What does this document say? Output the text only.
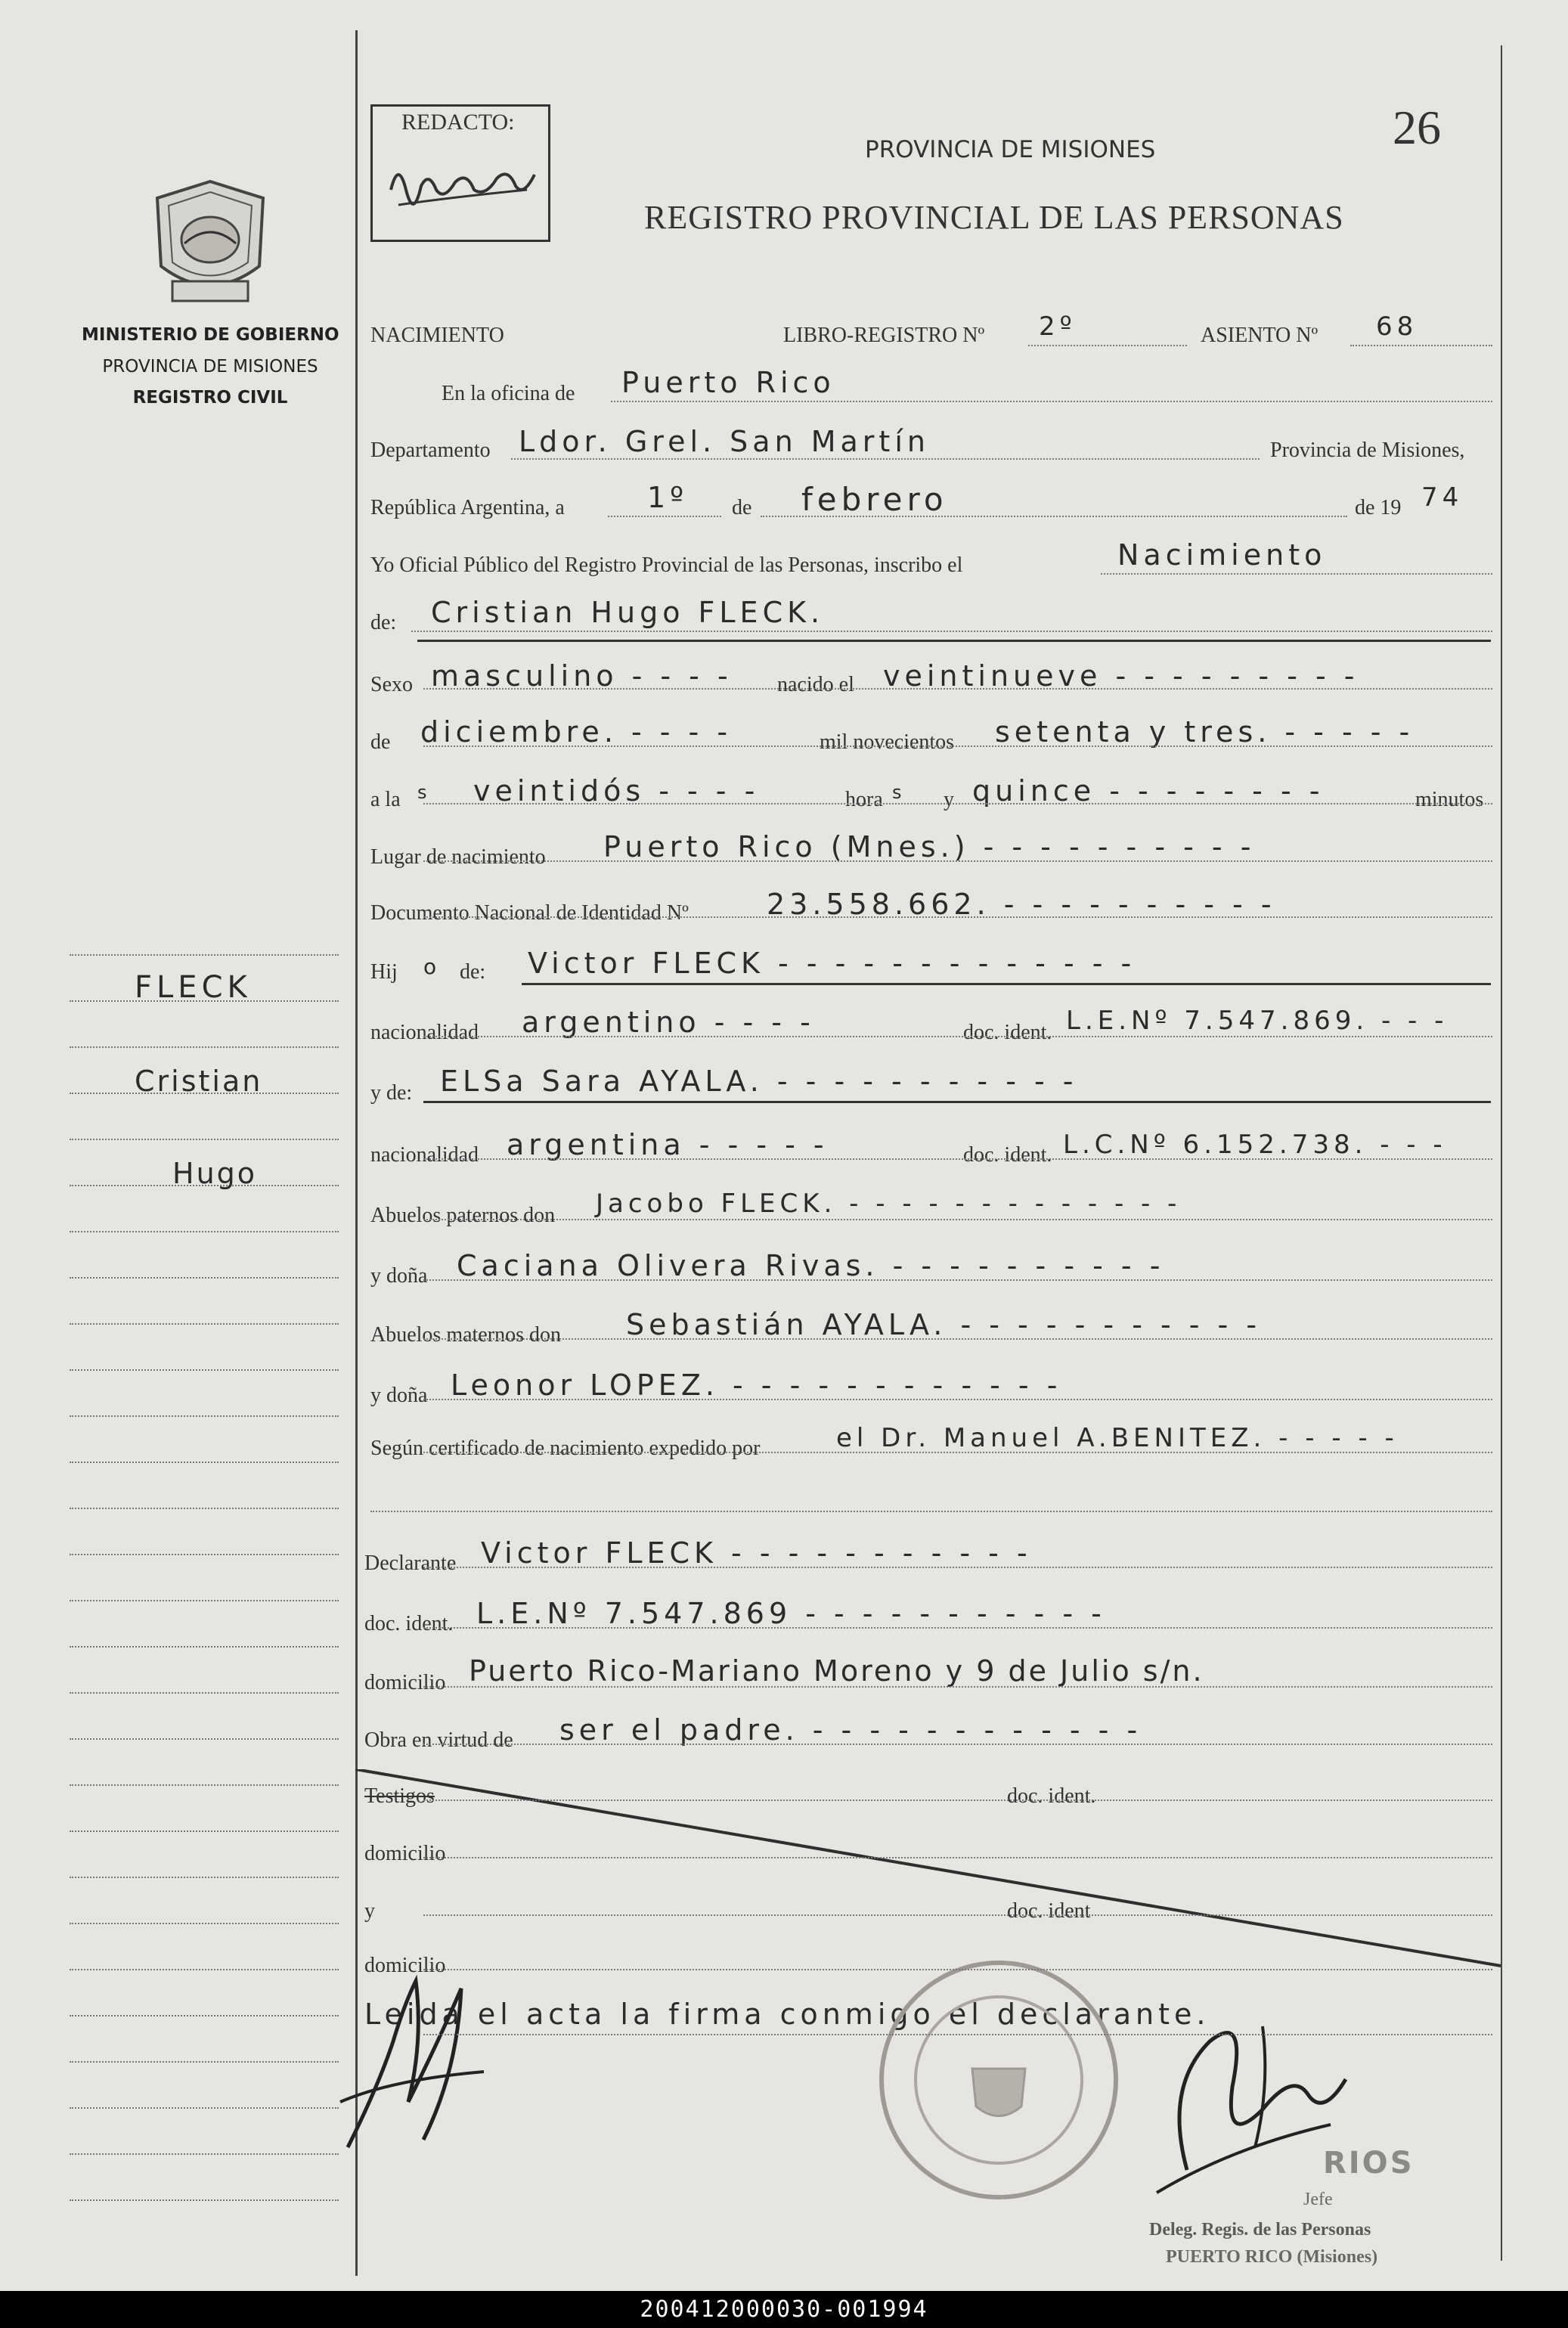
MINISTERIO DE GOBIERNO
PROVINCIA DE MISIONES
REGISTRO CIVIL
FLECK
Cristian
Hugo
REDACTO:	26
PROVINCIA DE MISIONES
REGISTRO PROVINCIAL DE LAS PERSONAS
NACIMIENTO	LIBRO-REGISTRO Nº 2º	ASIENTO Nº 68
En la oficina de Puerto Rico
Departamento Ldor. Grel. San Martín	Provincia de Misiones,
República Argentina, a	1º de febrero	de 19 74
Yo Oficial Público del Registro Provincial de las Personas, inscribo el	Nacimiento
de: Cristian Hugo FLECK.
Sexo masculino - - - - nacido el veintinueve - - - - - - - - -
de diciembre. - - - -	mil novecientos setenta y tres. - - - - -
a la s veintidós - - - -	hora s y quince - - - - - - - -	minutos
Lugar de nacimiento Puerto Rico (Mnes.) - - - - - - - - - -
Documento Nacional de Identidad Nº	23.558.662. - - - - - - - - - -
Hij o de: Victor FLECK - - - - - - - - - - - - -
nacionalidad argentino - - - -	doc. ident. L.E.Nº 7.547.869. - - -
y de: ELSa Sara AYALA. - - - - - - - - - - -
nacionalidad argentina - - - - -	doc. ident. L.C.Nº 6.152.738. - - -
Abuelos paternos don Jacobo FLECK. - - - - - - - - - - - - -
y doña Caciana Olivera Rivas. - - - - - - - - - -
Abuelos maternos don Sebastián AYALA. - - - - - - - - - - -
y doña Leonor LOPEZ. - - - - - - - - - - - -
Según certificado de nacimiento expedido por	el Dr. Manuel A.BENITEZ. - - - - -
Declarante Victor FLECK - - - - - - - - - - -
doc. ident. L.E.Nº 7.547.869 - - - - - - - - - - -
domicilio Puerto Rico-Mariano Moreno y 9 de Julio s/n.
Obra en virtud de ser el padre. - - - - - - - - - - - -
Testigos	doc. ident.
domicilio
y	doc. ident
domicilio
Leida el acta la firma conmigo el declarante.
RIOS
Jefe
Deleg. Regis. de las Personas
PUERTO RICO (Misiones)
200412000030-001994
